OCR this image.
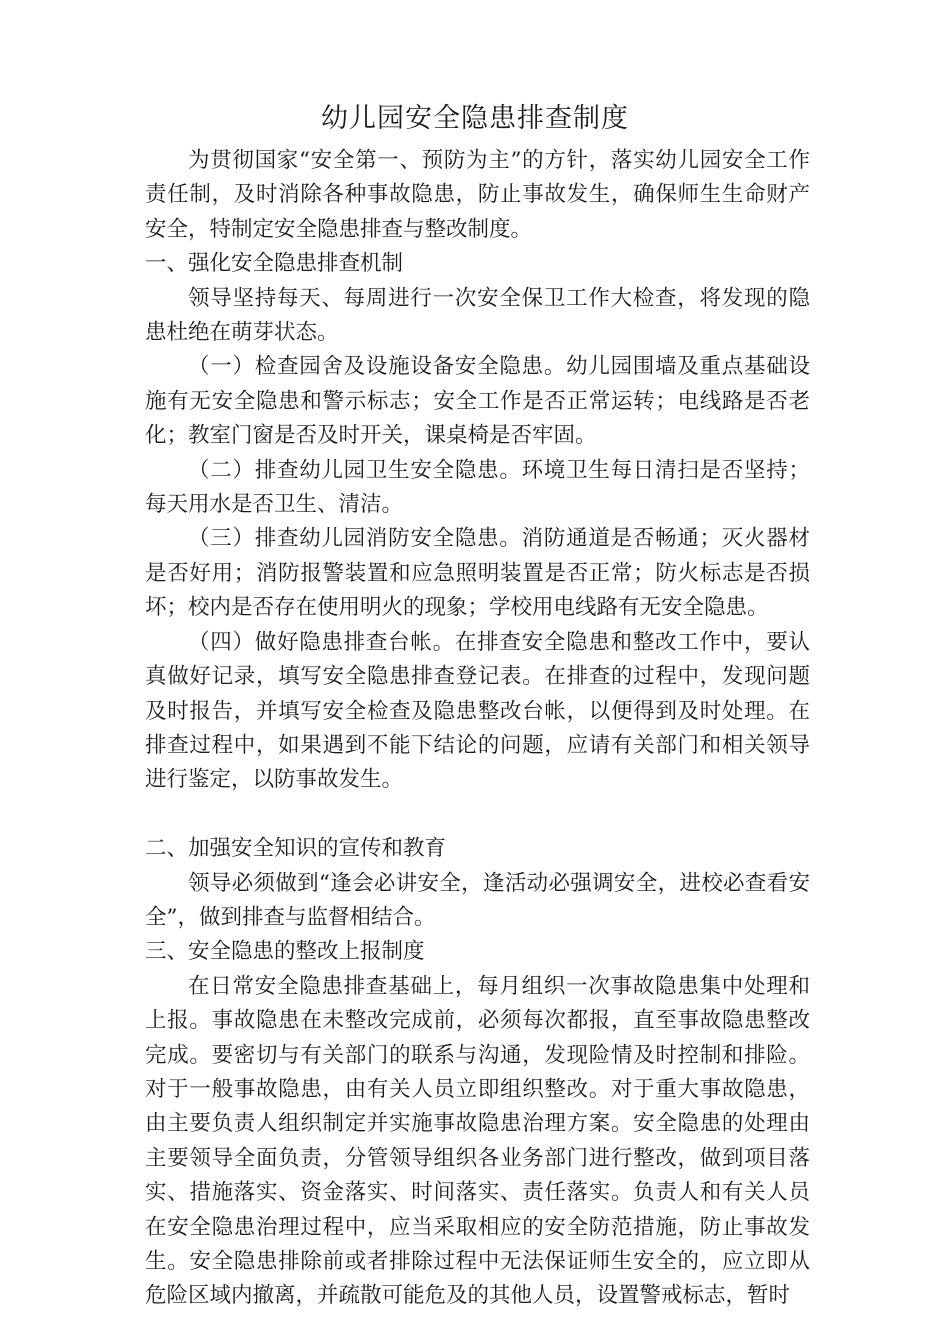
幼儿园安全隐患排查制度

为贯彻国家“安全第一、预防为主”的方针，落实幼儿园安全工作责任制，及时消除各种事故隐患，防止事故发生，确保师生生命财产安全，特制定安全隐患排查与整改制度。

一、强化安全隐患排查机制

领导坚持每天、每周进行一次安全保卫工作大检查，将发现的隐患杜绝在萌芽状态。

（一）检查园舍及设施设备安全隐患。幼儿园围墙及重点基础设施有无安全隐患和警示标志；安全工作是否正常运转；电线路是否老化；教室门窗是否及时开关，课桌椅是否牢固。

（二）排查幼儿园卫生安全隐患。环境卫生每日清扫是否坚持；每天用水是否卫生、清洁。

（三）排查幼儿园消防安全隐患。消防通道是否畅通；灭火器材是否好用；消防报警装置和应急照明装置是否正常；防火标志是否损坏；校内是否存在使用明火的现象；学校用电线路有无安全隐患。

（四）做好隐患排查台帐。在排查安全隐患和整改工作中，要认真做好记录，填写安全隐患排查登记表。在排查的过程中，发现问题及时报告，并填写安全检查及隐患整改台帐，以便得到及时处理。在排查过程中，如果遇到不能下结论的问题，应请有关部门和相关领导进行鉴定，以防事故发生。

二、加强安全知识的宣传和教育

领导必须做到“逢会必讲安全，逢活动必强调安全，进校必查看安全”，做到排查与监督相结合。

三、安全隐患的整改上报制度

在日常安全隐患排查基础上，每月组织一次事故隐患集中处理和上报。事故隐患在未整改完成前，必须每次都报，直至事故隐患整改完成。要密切与有关部门的联系与沟通，发现险情及时控制和排险。对于一般事故隐患，由有关人员立即组织整改。对于重大事故隐患，由主要负责人组织制定并实施事故隐患治理方案。安全隐患的处理由主要领导全面负责，分管领导组织各业务部门进行整改，做到项目落实、措施落实、资金落实、时间落实、责任落实。负责人和有关人员在安全隐患治理过程中，应当采取相应的安全防范措施，防止事故发生。安全隐患排除前或者排除过程中无法保证师生安全的，应立即从危险区域内撤离，并疏散可能危及的其他人员，设置警戒标志，暂时
